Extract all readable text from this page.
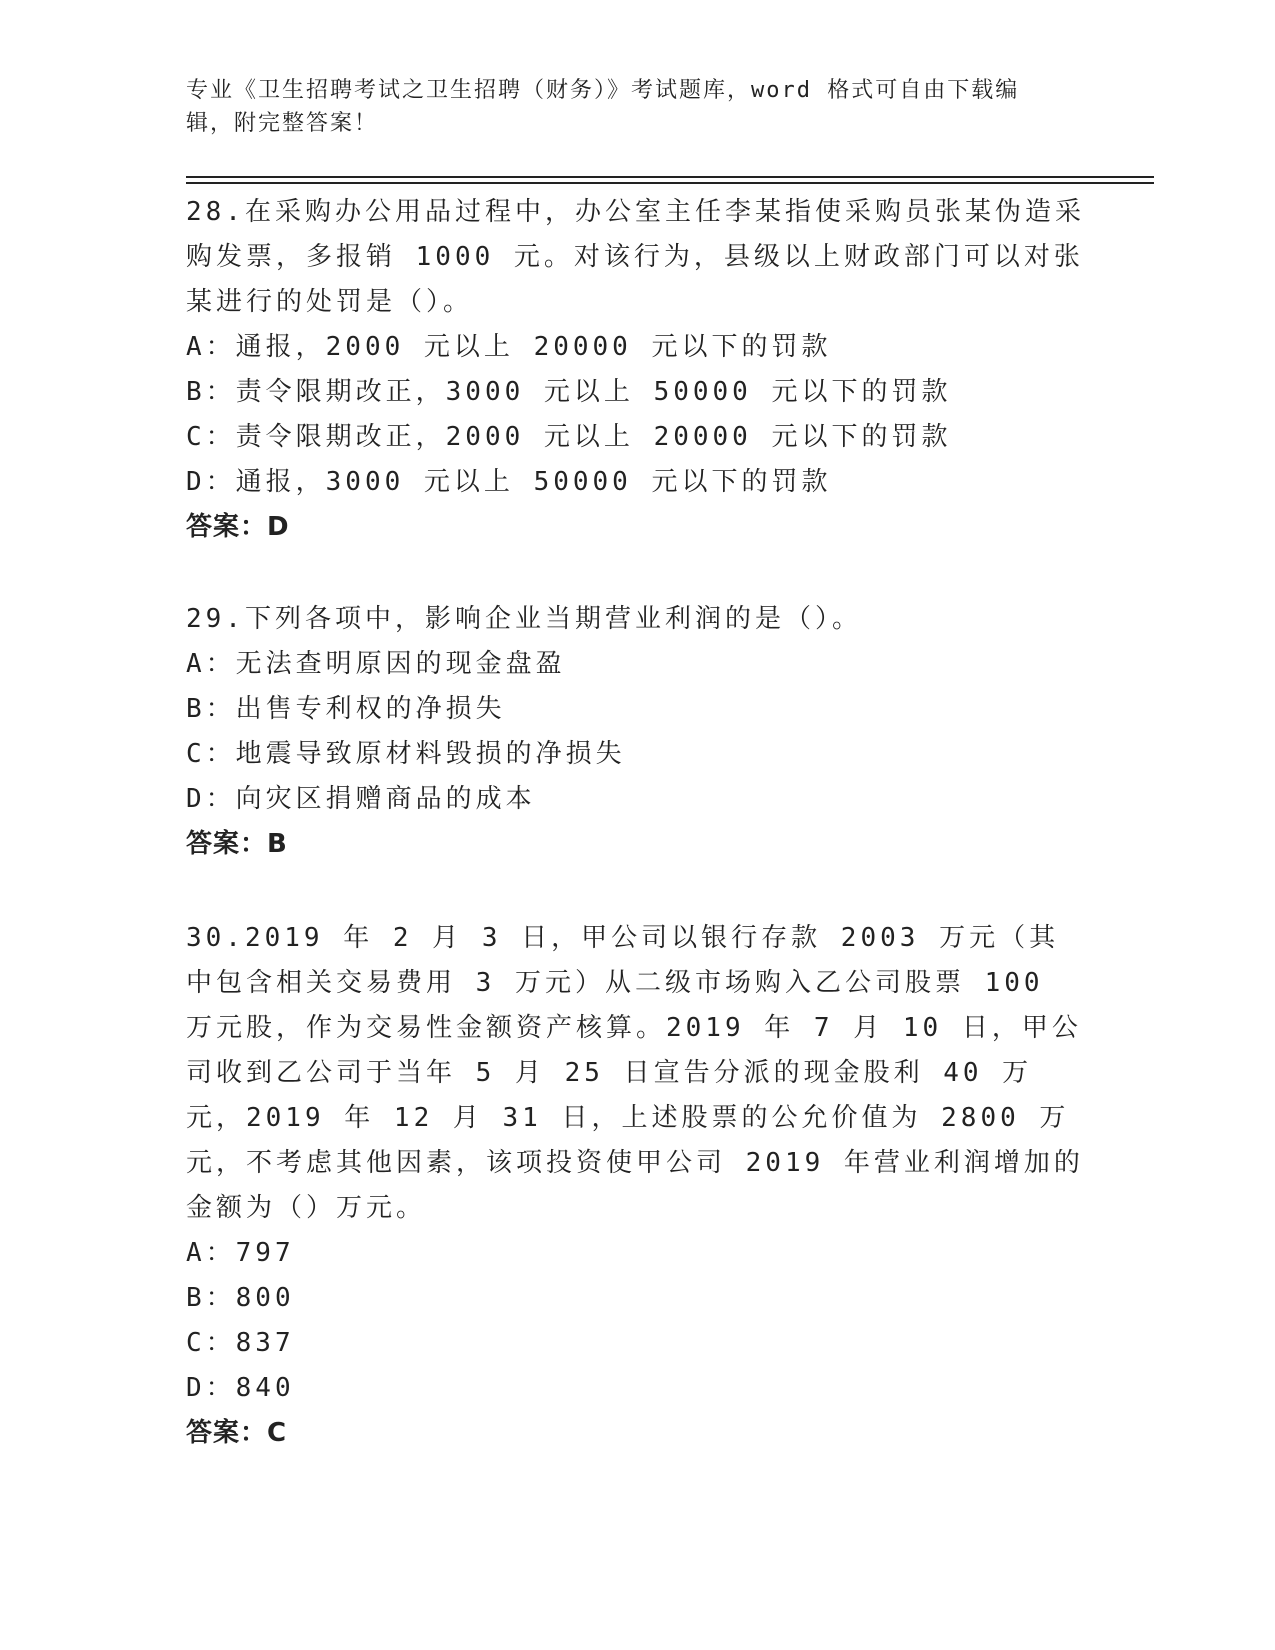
专业《卫生招聘考试之卫生招聘（财务）》考试题库，word 格式可自由下载编辑，附完整答案！
28.在采购办公用品过程中，办公室主任李某指使采购员张某伪造采购发票，多报销 1000 元。对该行为，县级以上财政部门可以对张某进行的处罚是（）。
A：通报，2000 元以上 20000 元以下的罚款
B：责令限期改正，3000 元以上 50000 元以下的罚款
C：责令限期改正，2000 元以上 20000 元以下的罚款
D：通报，3000 元以上 50000 元以下的罚款
答案：D
29.下列各项中，影响企业当期营业利润的是（）。
A：无法查明原因的现金盘盈
B：出售专利权的净损失
C：地震导致原材料毁损的净损失
D：向灾区捐赠商品的成本
答案：B
30.2019 年 2 月 3 日，甲公司以银行存款 2003 万元（其中包含相关交易费用 3 万元）从二级市场购入乙公司股票 100 万元股，作为交易性金额资产核算。2019 年 7 月 10 日，甲公司收到乙公司于当年 5 月 25 日宣告分派的现金股利 40 万元，2019 年 12 月 31 日，上述股票的公允价值为 2800 万元，不考虑其他因素，该项投资使甲公司 2019 年营业利润增加的金额为（）万元。
A：797
B：800
C：837
D：840
答案：C
